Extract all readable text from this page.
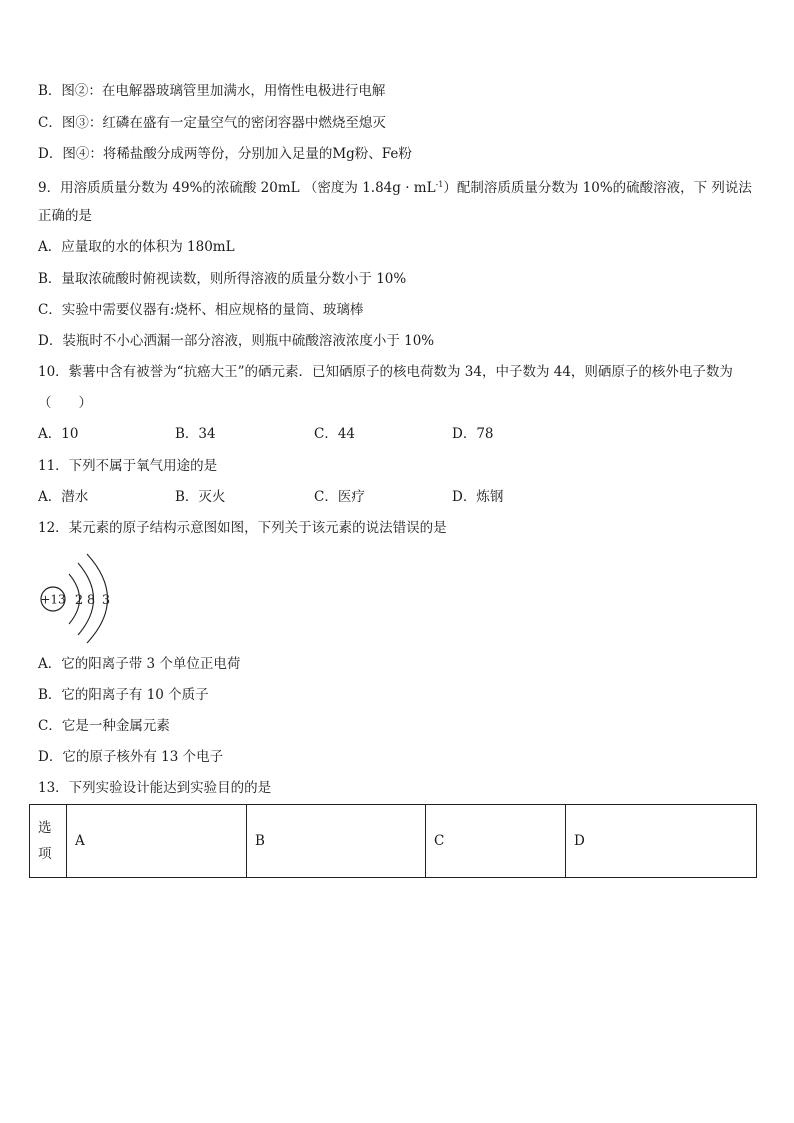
B．图②：在电解器玻璃管里加满水，用惰性电极进行电解
C．图③：红磷在盛有一定量空气的密闭容器中燃烧至熄灭
D．图④：将稀盐酸分成两等份，分别加入足量的Mg粉、Fe粉
9．用溶质质量分数为 49%的浓硫酸 20mL （密度为 $1.84g \cdot mL^{-1}$）配制溶质质量分数为 10%的硫酸溶液，下 列说法
正确的是
A．应量取的水的体积为 180mL
B．量取浓硫酸时俯视读数，则所得溶液的质量分数小于 10%
C．实验中需要仪器有:烧杯、相应规格的量筒、玻璃棒
D．装瓶时不小心洒漏一部分溶液，则瓶中硫酸溶液浓度小于 10%
10．紫薯中含有被誉为“抗癌大王”的硒元素．已知硒原子的核电荷数为 34，中子数为 44，则硒原子的核外电子数为
（　　）
A．10	B．34	C．44	D．78
11．下列不属于氧气用途的是
A．潜水	B．灭火	C．医疗	D．炼钢
12．某元素的原子结构示意图如图，下列关于该元素的说法错误的是
+13 2 8 3
A．它的阳离子带 3 个单位正电荷
B．它的阳离子有 10 个质子
C．它是一种金属元素
D．它的原子核外有 13 个电子
13．下列实验设计能达到实验目的的是
选
项
	A	B	C	D
